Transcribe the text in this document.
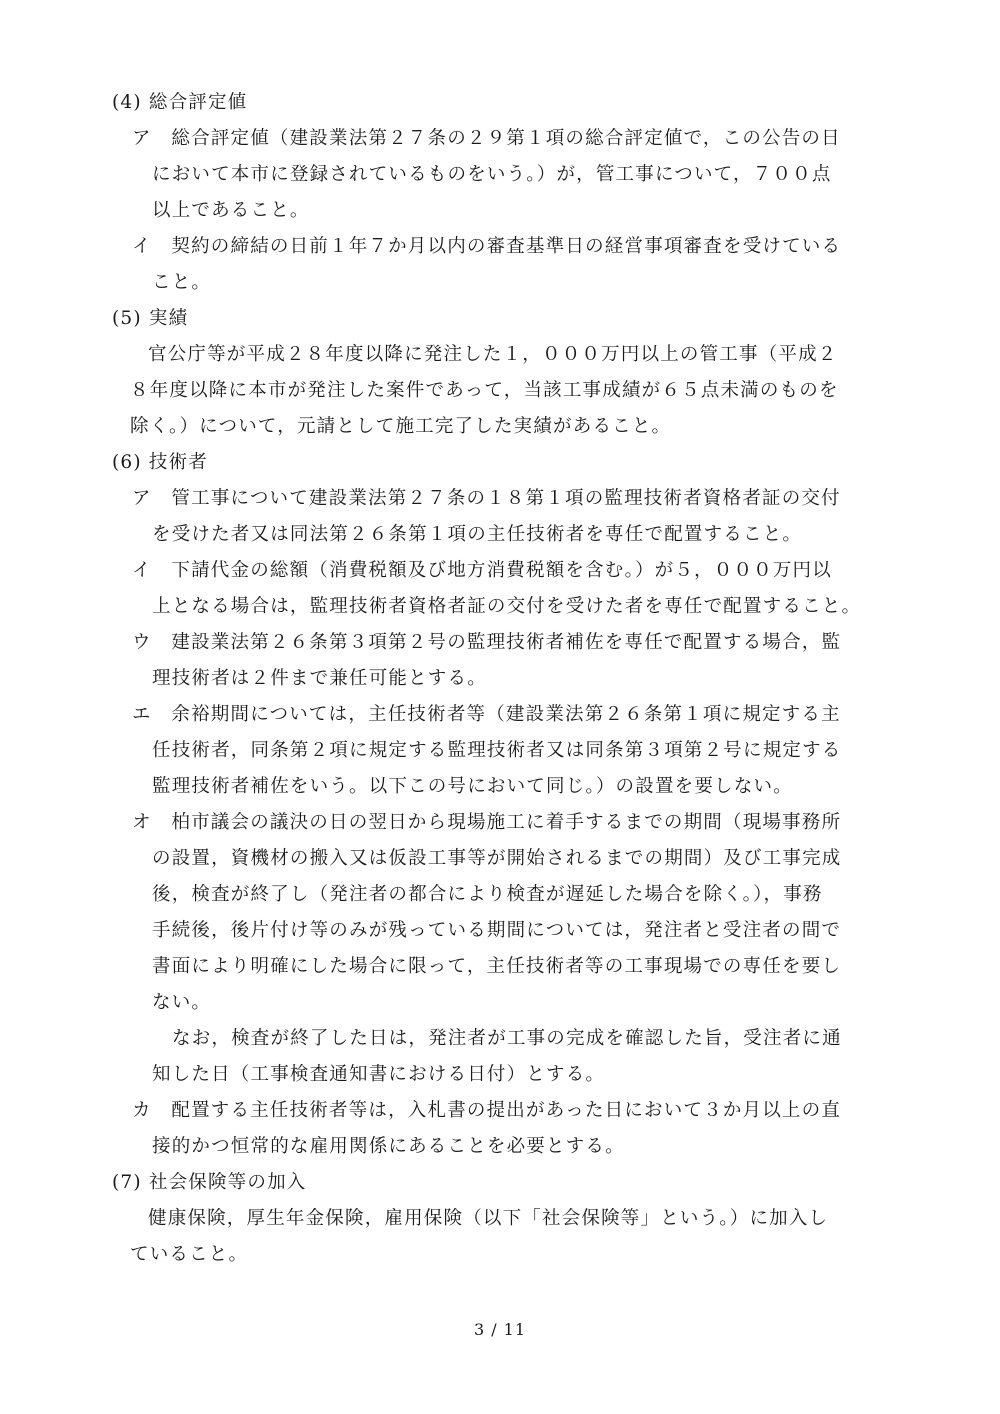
(4) 総合評定値
ア　総合評定値（建設業法第２７条の２９第１項の総合評定値で，この公告の日
において本市に登録されているものをいう。）が，管工事について，７００点
以上であること。
イ　契約の締結の日前１年７か月以内の審査基準日の経営事項審査を受けている
こと。
(5) 実績
官公庁等が平成２８年度以降に発注した１，０００万円以上の管工事（平成２
８年度以降に本市が発注した案件であって，当該工事成績が６５点未満のものを
除く。）について，元請として施工完了した実績があること。
(6) 技術者
ア　管工事について建設業法第２７条の１８第１項の監理技術者資格者証の交付
を受けた者又は同法第２６条第１項の主任技術者を専任で配置すること。
イ　下請代金の総額（消費税額及び地方消費税額を含む。）が５，０００万円以
上となる場合は，監理技術者資格者証の交付を受けた者を専任で配置すること。
ウ　建設業法第２６条第３項第２号の監理技術者補佐を専任で配置する場合，監
理技術者は２件まで兼任可能とする。
エ　余裕期間については，主任技術者等（建設業法第２６条第１項に規定する主
任技術者，同条第２項に規定する監理技術者又は同条第３項第２号に規定する
監理技術者補佐をいう。以下この号において同じ。）の設置を要しない。
オ　柏市議会の議決の日の翌日から現場施工に着手するまでの期間（現場事務所
の設置，資機材の搬入又は仮設工事等が開始されるまでの期間）及び工事完成
後，検査が終了し（発注者の都合により検査が遅延した場合を除く。），事務
手続後，後片付け等のみが残っている期間については，発注者と受注者の間で
書面により明確にした場合に限って，主任技術者等の工事現場での専任を要し
ない。
なお，検査が終了した日は，発注者が工事の完成を確認した旨，受注者に通
知した日（工事検査通知書における日付）とする。
カ　配置する主任技術者等は，入札書の提出があった日において３か月以上の直
接的かつ恒常的な雇用関係にあることを必要とする。
(7) 社会保険等の加入
健康保険，厚生年金保険，雇用保険（以下「社会保険等」という。）に加入し
ていること。
3 / 11
